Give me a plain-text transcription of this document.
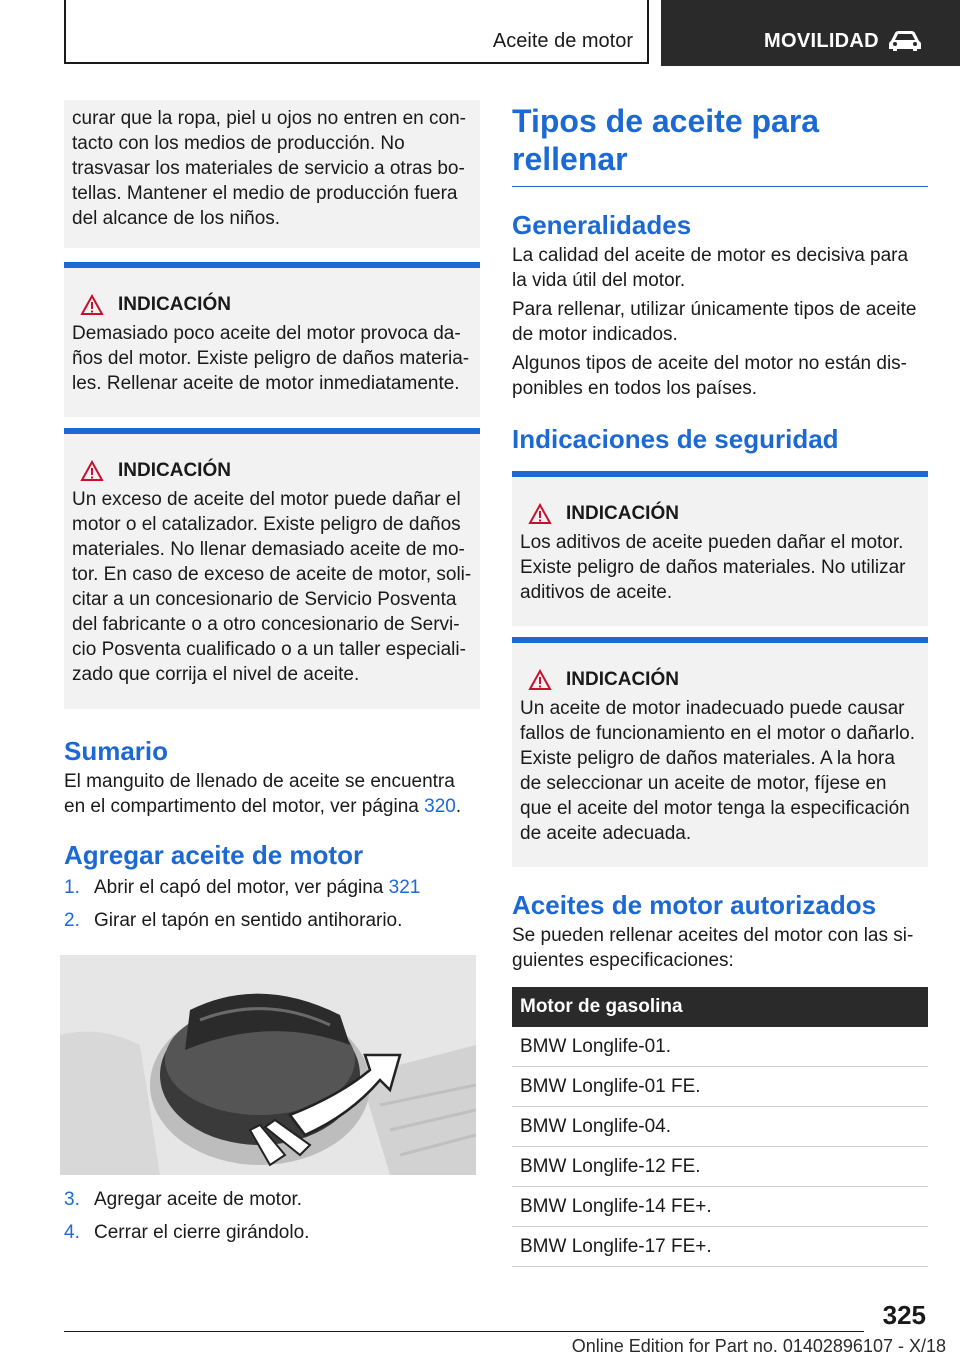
Aceite de motor	MOVILIDAD

curar que la ropa, piel u ojos no entren en con-tacto con los medios de producción. No trasvasar los materiales de servicio a otras bo-tellas. Mantener el medio de producción fuera del alcance de los niños.

INDICACIÓN

Demasiado poco aceite del motor provoca da-ños del motor. Existe peligro de daños materia-les. Rellenar aceite de motor inmediatamente.

INDICACIÓN

Un exceso de aceite del motor puede dañar el motor o el catalizador. Existe peligro de daños materiales. No llenar demasiado aceite de mo-tor. En caso de exceso de aceite de motor, soli-citar a un concesionario de Servicio Posventa del fabricante o a otro concesionario de Servi-cio Posventa cualificado o a un taller especiali-zado que corrija el nivel de aceite.

Sumario

El manguito de llenado de aceite se encuentra en el compartimento del motor, ver página 320.

Agregar aceite de motor
1. Abrir el capó del motor, ver página 321
2. Girar el tapón en sentido antihorario.
3. Agregar aceite de motor.
4. Cerrar el cierre girándolo.
Tipos de aceite para rellenar
Generalidades

La calidad del aceite de motor es decisiva para la vida útil del motor.

Para rellenar, utilizar únicamente tipos de aceite de motor indicados.

Algunos tipos de aceite del motor no están dis-ponibles en todos los países.

Indicaciones de seguridad
INDICACIÓN

Los aditivos de aceite pueden dañar el motor. Existe peligro de daños materiales. No utilizar aditivos de aceite.

INDICACIÓN

Un aceite de motor inadecuado puede causar fallos de funcionamiento en el motor o dañarlo. Existe peligro de daños materiales. A la hora de seleccionar un aceite de motor, fíjese en que el aceite del motor tenga la especificación de aceite adecuada.

Aceites de motor autorizados

Se pueden rellenar aceites del motor con las si-guientes especificaciones:

Motor de gasolina
BMW Longlife-01.
BMW Longlife-01 FE.
BMW Longlife-04.
BMW Longlife-12 FE.
BMW Longlife-14 FE+.
BMW Longlife-17 FE+.
325
Online Edition for Part no. 01402896107 - X/18
